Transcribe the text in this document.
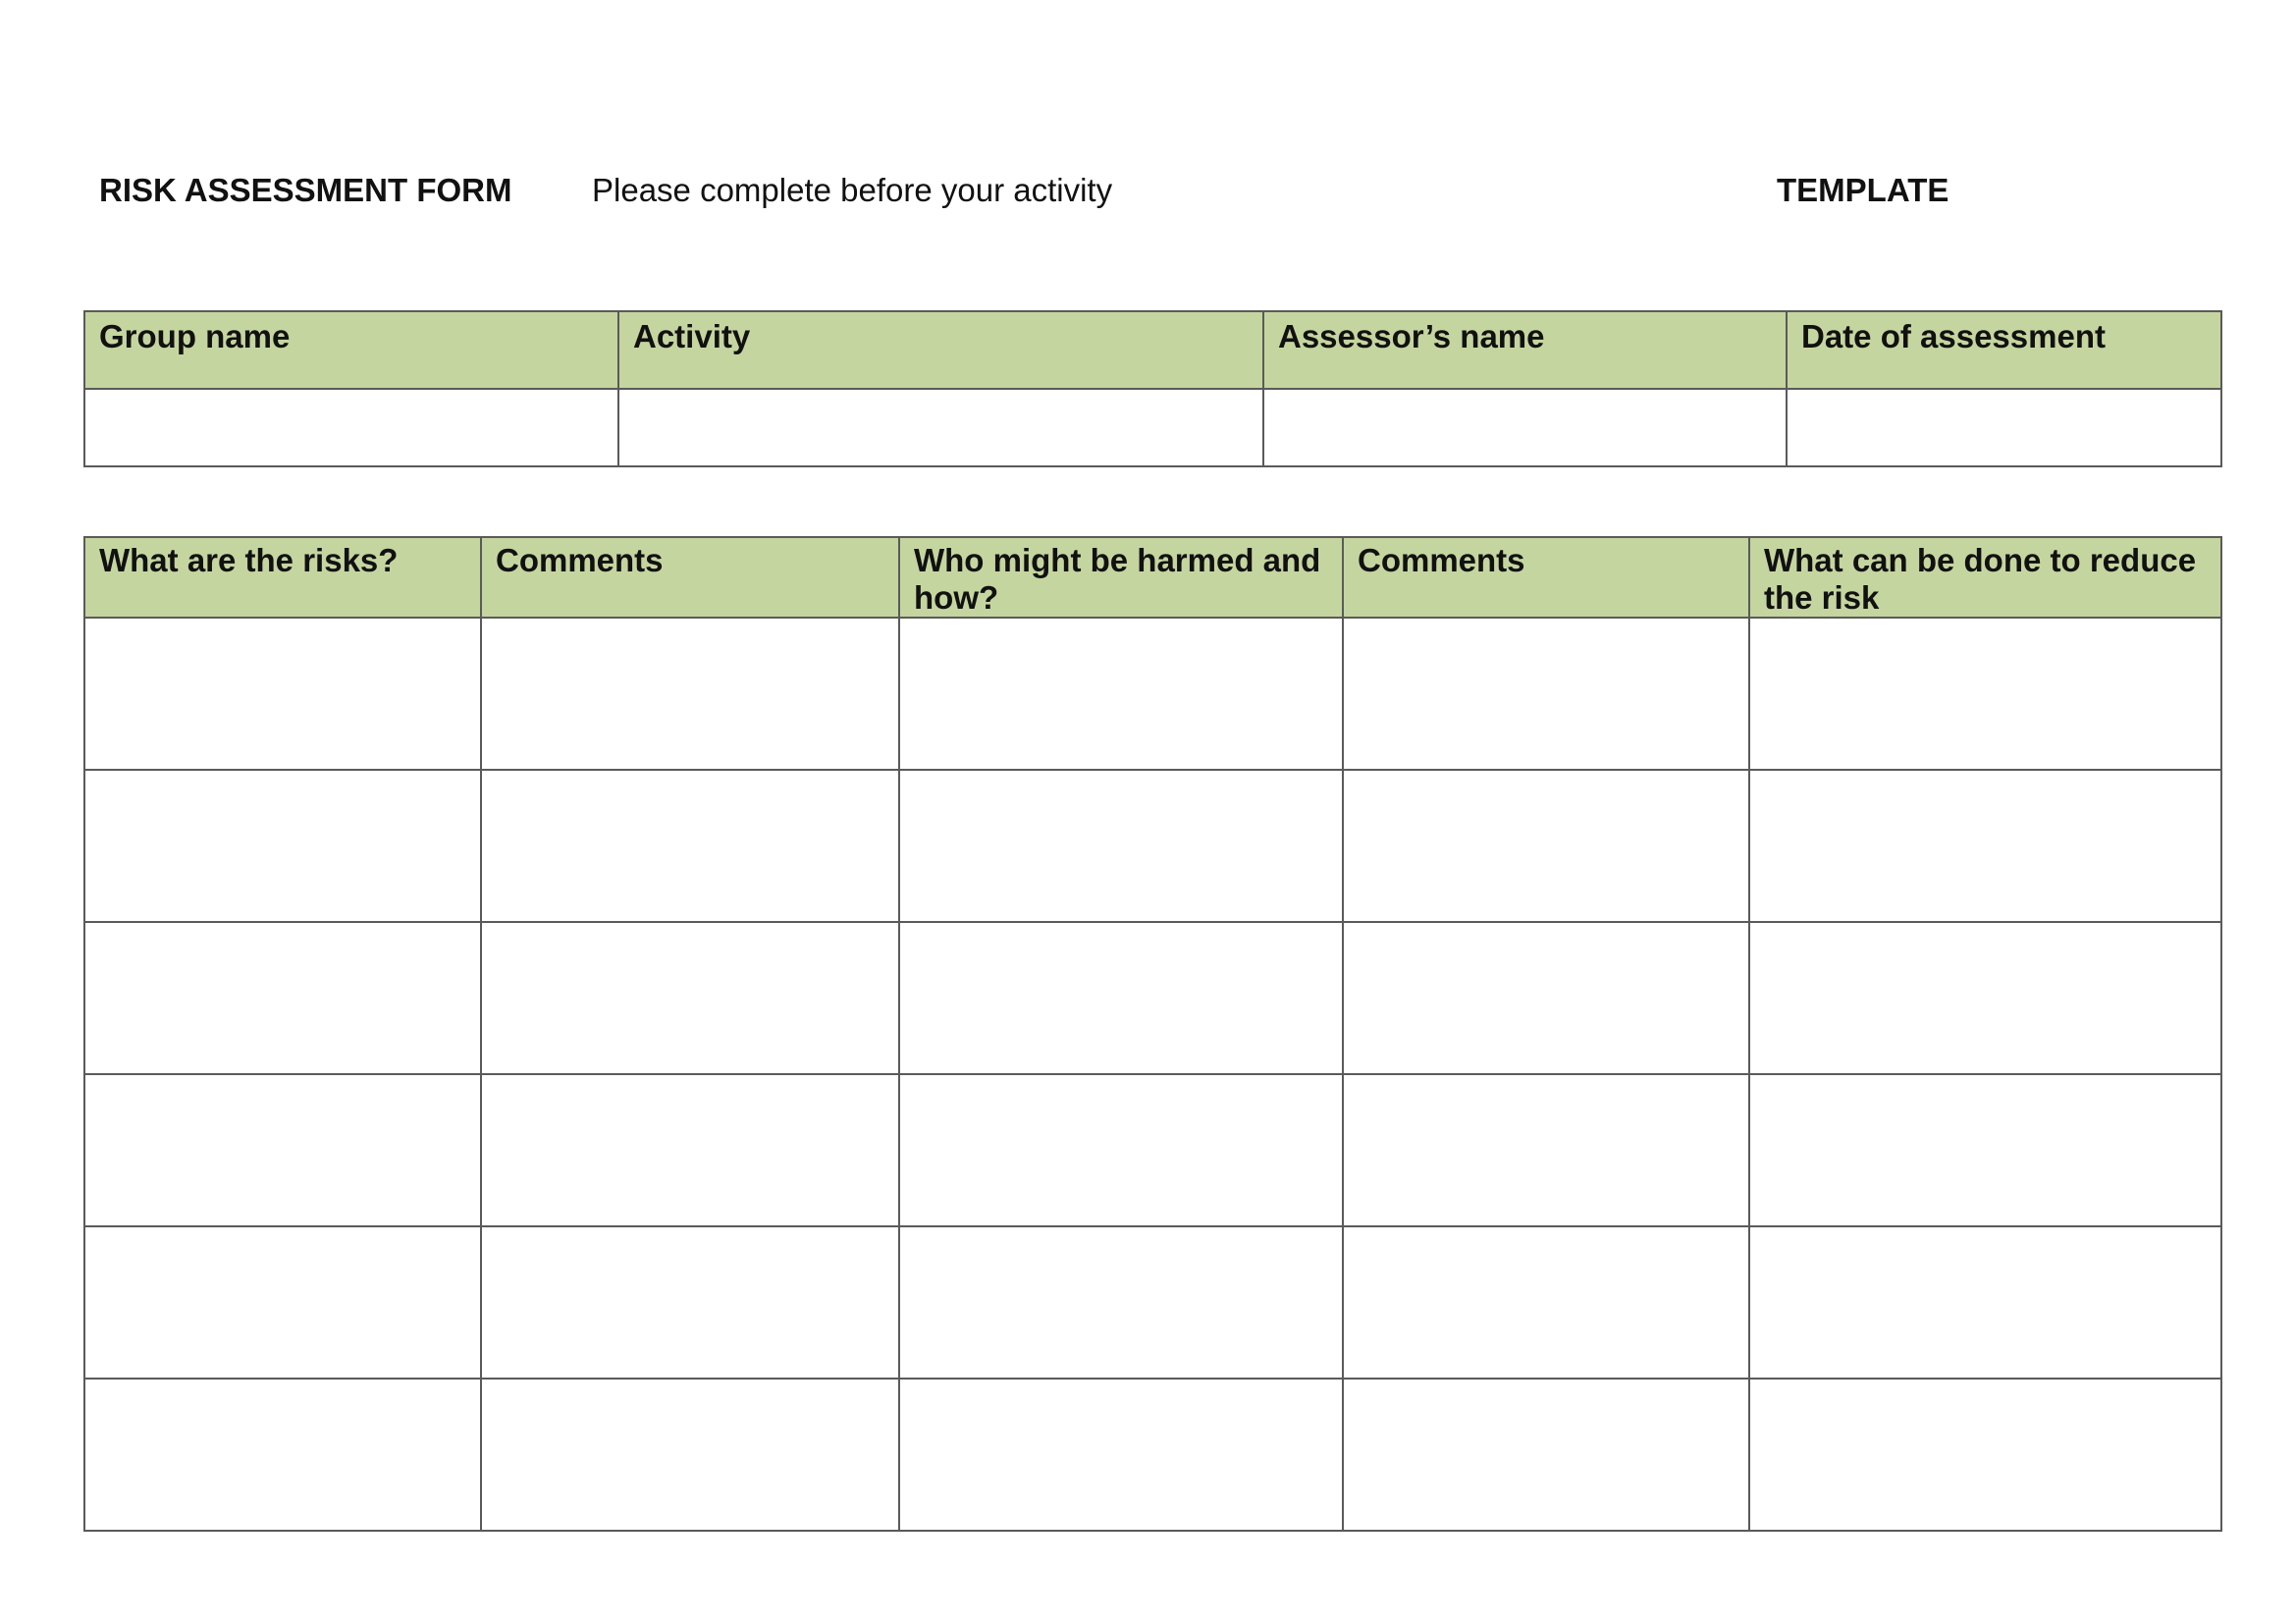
RISK ASSESSMENT FORM Please complete before your activity	TEMPLATE
Group name	Activity	Assessor’s name	Date of assessment

What are the risks?	Comments	Who might be harmed and how?	Comments	What can be done to reduce the risk
